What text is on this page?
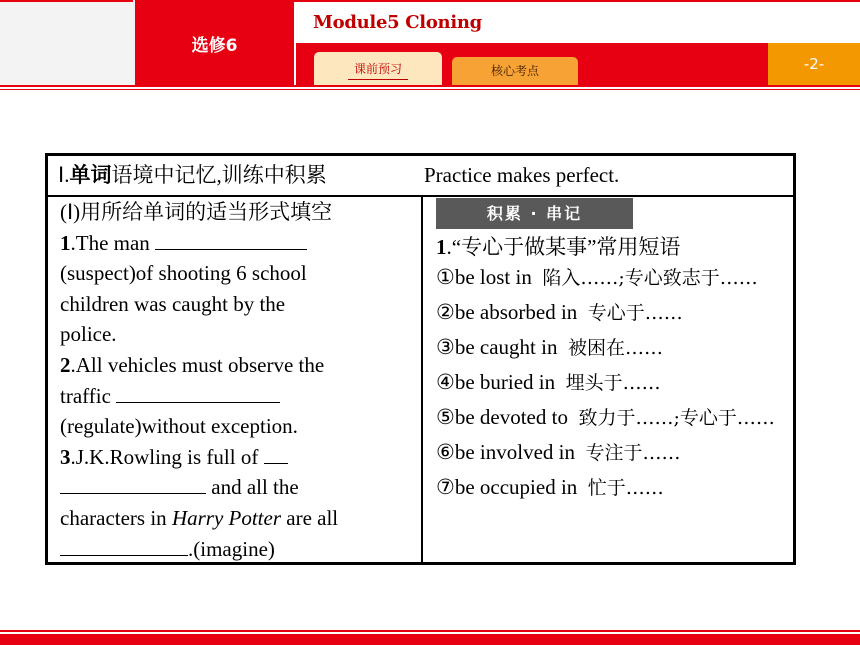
选修6
Module5 Cloning
课前预习	核心考点	-2-
Ⅰ.单词语境中记忆,训练中积累	Practice makes perfect.
(Ⅰ)用所给单词的适当形式填空
1.The man
(suspect)of shooting 6 school
children was caught by the
police.
2.All vehicles must observe the
traffic
(regulate)without exception.
3.J.K.Rowling is full of
and all the
characters in Harry Potter are all
.(imagine)
积累 · 串记
1.“专心于做某事”常用短语
①be lost in 陷入……;专心致志于……
②be absorbed in 专心于……
③be caught in 被困在……
④be buried in 埋头于……
⑤be devoted to 致力于……;专心于……
⑥be involved in 专注于……
⑦be occupied in 忙于……
